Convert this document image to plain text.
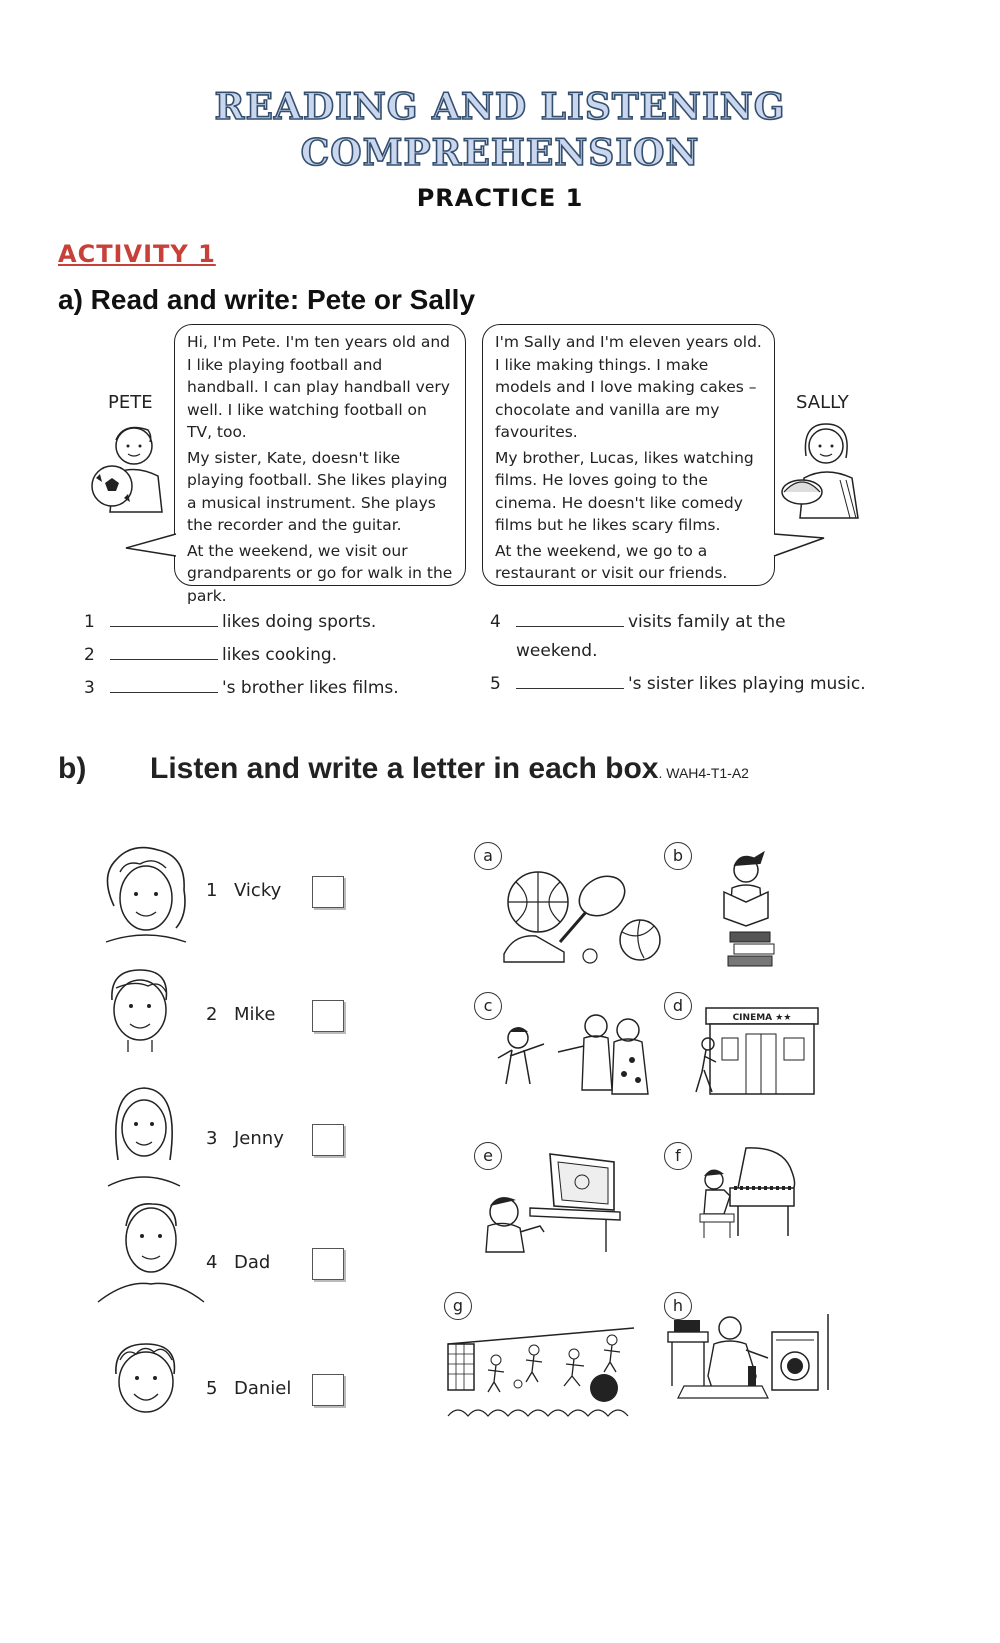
READING AND LISTENING
COMPREHENSION
PRACTICE 1
ACTIVITY 1
a) Read and write: Pete or Sally
PETE

Hi, I'm Pete. I'm ten years old and I like playing football and handball. I can play handball very well. I like watching football on TV, too.

My sister, Kate, doesn't like playing football. She likes playing a musical instrument. She plays the recorder and the guitar.

At the weekend, we visit our grandparents or go for walk in the park.

I'm Sally and I'm eleven years old. I like making things. I make models and I love making cakes – chocolate and vanilla are my favourites.

My brother, Lucas, likes watching films. He loves going to the cinema. He doesn't like comedy films but he likes scary films.

At the weekend, we go to a restaurant or visit our friends.

SALLY
1	likes doing sports.
2	likes cooking.
3	's brother likes films.
4	visits family at the
weekend.
5	's sister likes playing music.
b) Listen and write a letter in each box. WAH4-T1-A2
1 Vicky
2 Mike
3 Jenny
4 Dad
5 Daniel
a	b
c	d
CINEMA ★★
e	f
g	h
